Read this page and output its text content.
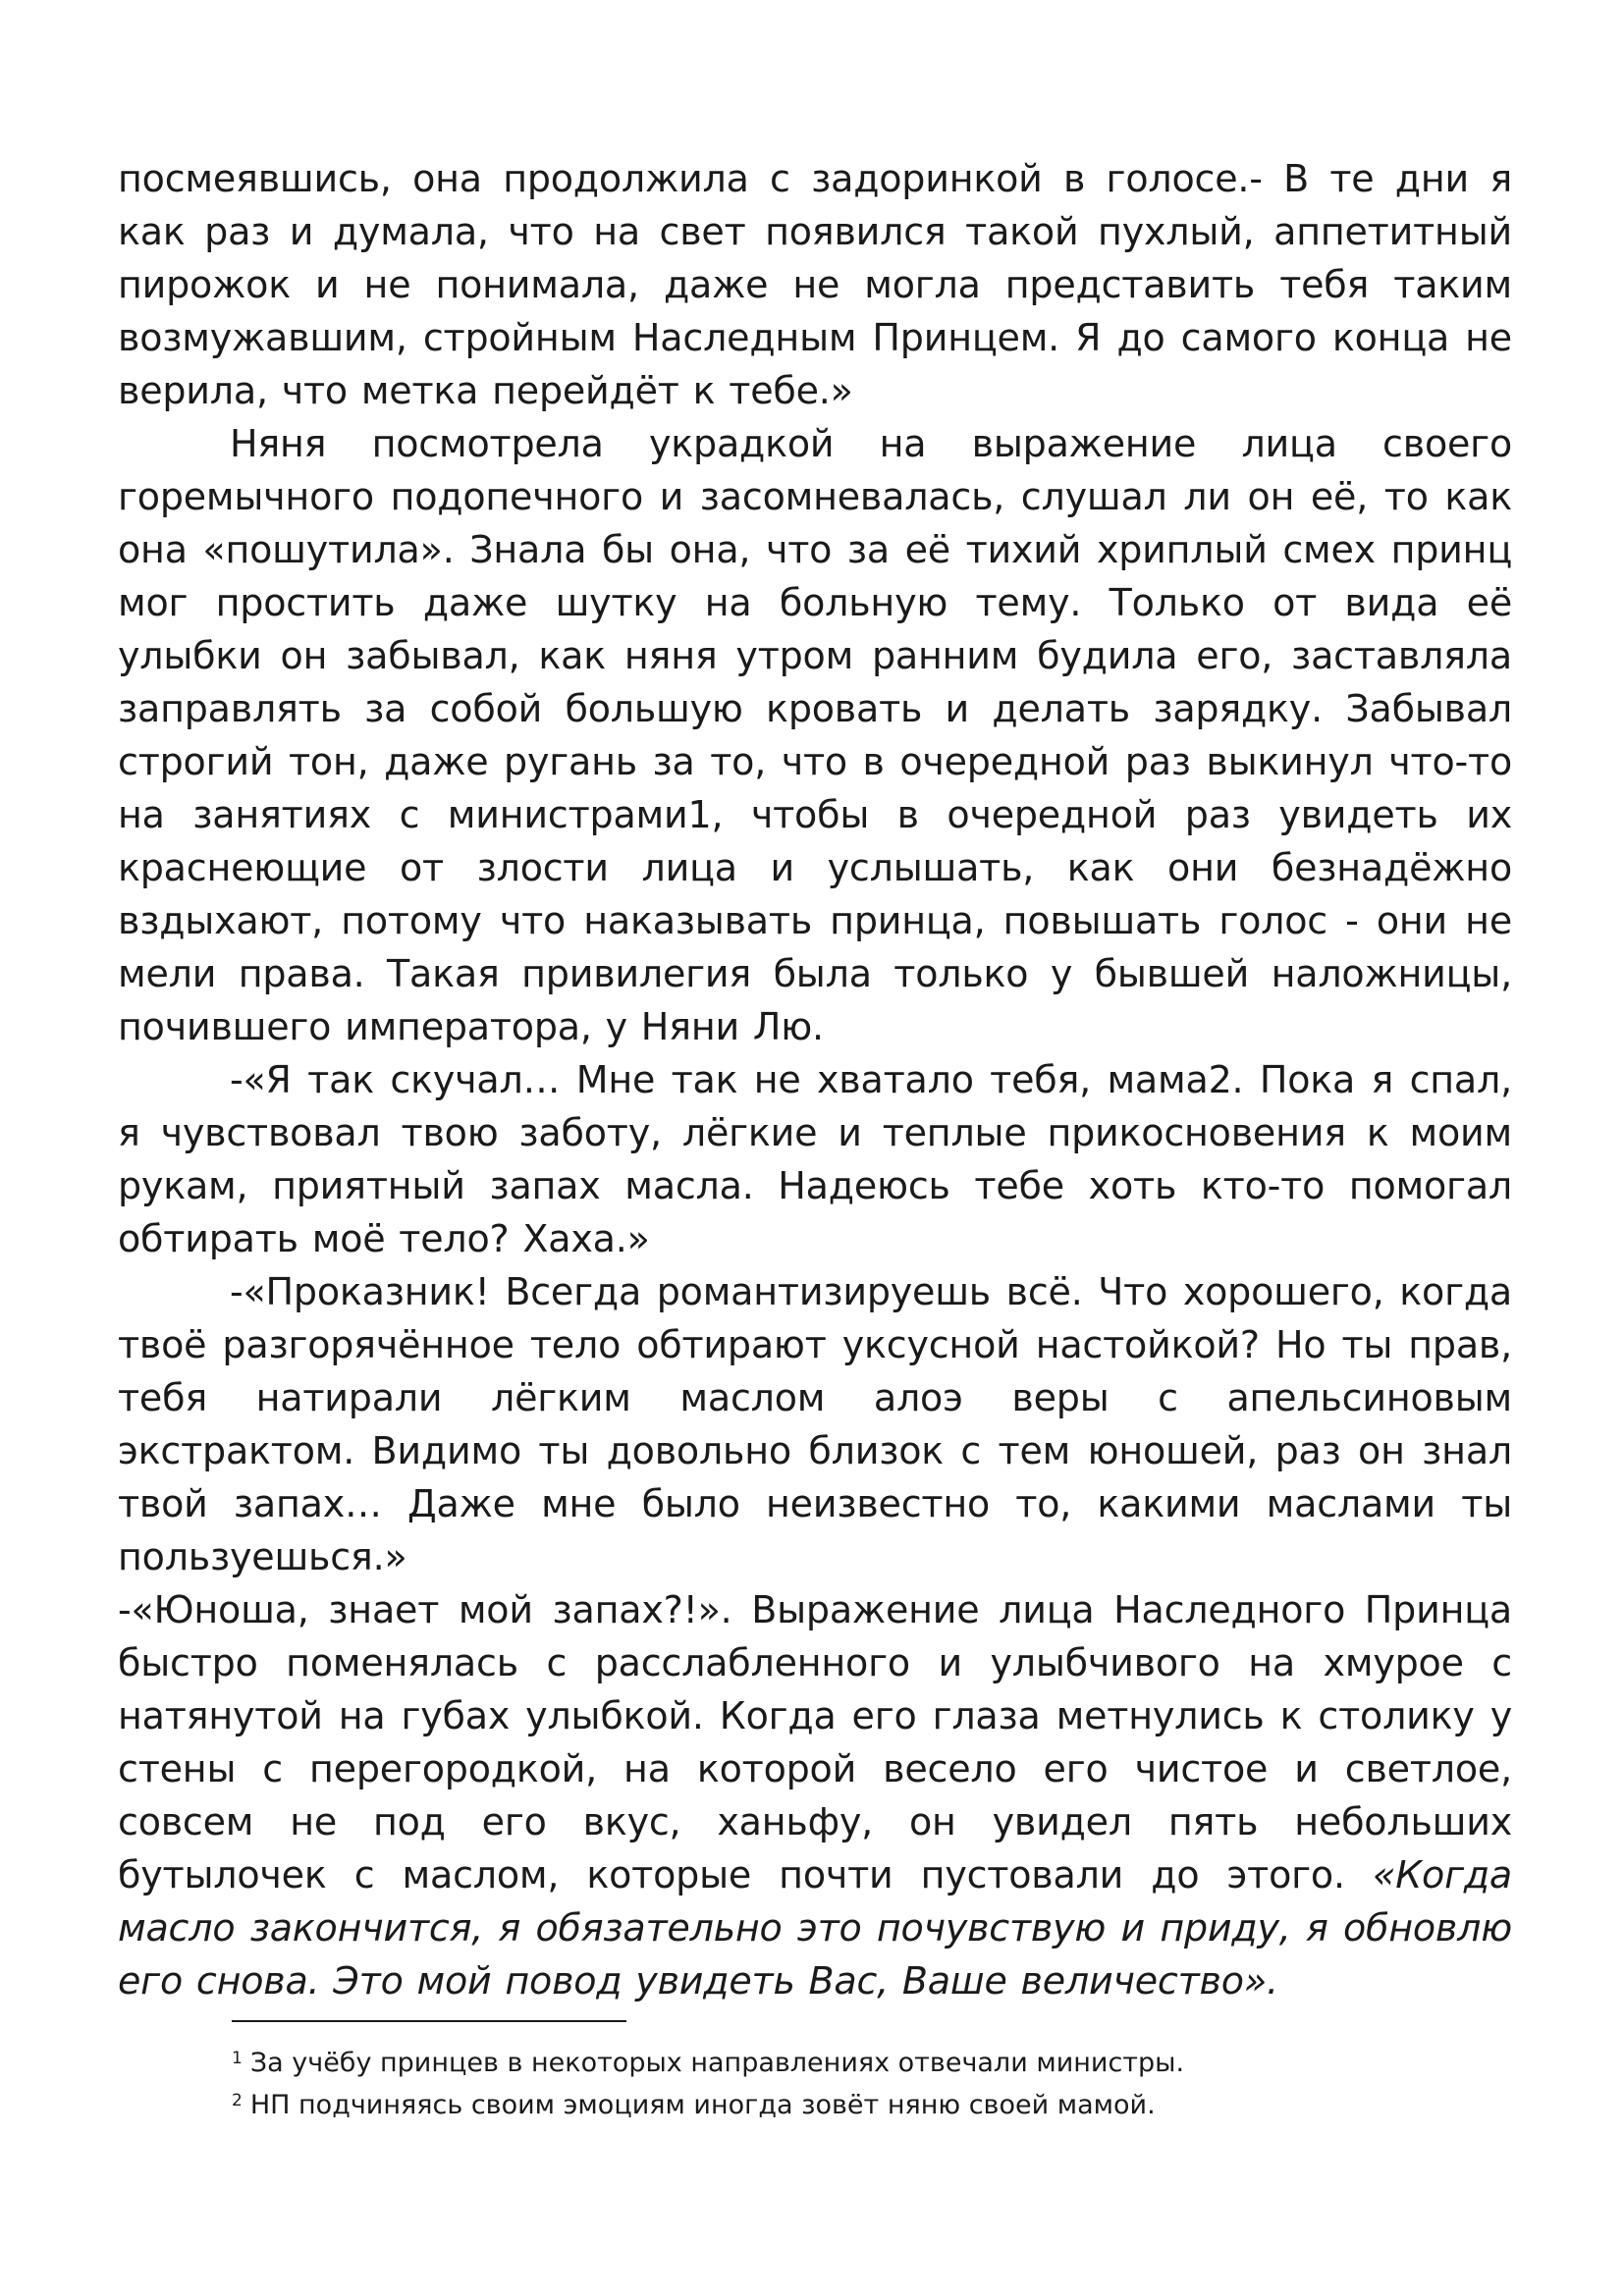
посмеявшись, она продолжила с задоринкой в голосе.- В те дни я как раз и думала, что на свет появился такой пухлый, аппетитный пирожок и не понимала, даже не могла представить тебя таким возмужавшим, стройным Наследным Принцем. Я до самого конца не верила, что метка перейдёт к тебе.»

Няня посмотрела украдкой на выражение лица своего горемычного подопечного и засомневалась, слушал ли он её, то как она «пошутила». Знала бы она, что за её тихий хриплый смех принц мог простить даже шутку на больную тему. Только от вида её улыбки он забывал, как няня утром ранним будила его, заставляла заправлять за собой большую кровать и делать зарядку. Забывал строгий тон, даже ругань за то, что в очередной раз выкинул что-то на занятиях с министрами1, чтобы в очередной раз увидеть их краснеющие от злости лица и услышать, как они безнадёжно вздыхают, потому что наказывать принца, повышать голос - они не мели права. Такая привилегия была только у бывшей наложницы, почившего императора, у Няни Лю.

-«Я так скучал… Мне так не хватало тебя, мама2. Пока я спал, я чувствовал твою заботу, лёгкие и теплые прикосновения к моим рукам, приятный запах масла. Надеюсь тебе хоть кто-то помогал обтирать моё тело? Хаха.»

-«Проказник! Всегда романтизируешь всё. Что хорошего, когда твоё разгорячённое тело обтирают уксусной настойкой? Но ты прав, тебя натирали лёгким маслом алоэ веры с апельсиновым экстрактом. Видимо ты довольно близок с тем юношей, раз он знал твой запах… Даже мне было неизвестно то, какими маслами ты пользуешься.»

-«Юноша, знает мой запах?!». Выражение лица Наследного Принца быстро поменялась с расслабленного и улыбчивого на хмурое с натянутой на губах улыбкой. Когда его глаза метнулись к столику у стены с перегородкой, на которой весело его чистое и светлое, совсем не под его вкус, ханьфу, он увидел пять небольших бутылочек с маслом, которые почти пустовали до этого. «Когда масло закончится, я обязательно это почувствую и приду, я обновлю его снова. Это мой повод увидеть Вас, Ваше величество».

$^1$ За учёбу принцев в некоторых направлениях отвечали министры.

$^2$ НП подчиняясь своим эмоциям иногда зовёт няню своей мамой.
